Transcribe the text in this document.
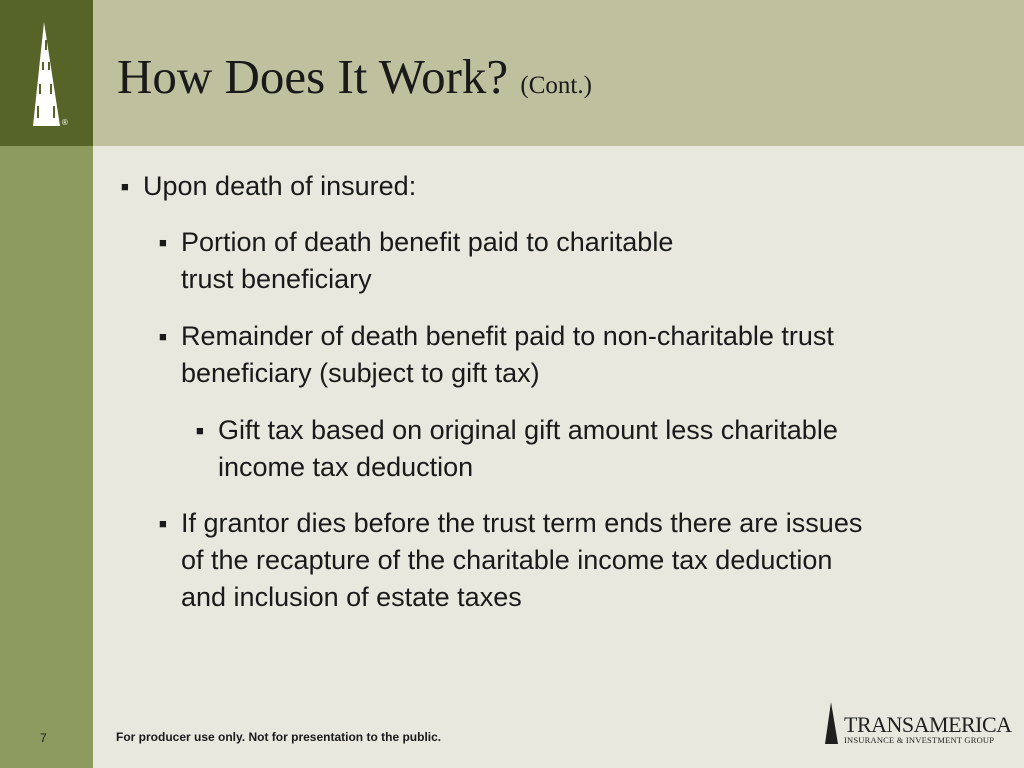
®
How Does It Work? (Cont.)
■ Upon death of insured:
■ Portion of death benefit paid to charitable
trust beneficiary
■ Remainder of death benefit paid to non-charitable trust
beneficiary (subject to gift tax)
■ Gift tax based on original gift amount less charitable
income tax deduction
■ If grantor dies before the trust term ends there are issues
of the recapture of the charitable income tax deduction
and inclusion of estate taxes
7	For producer use only. Not for presentation to the public.	TRANSAMERICA
INSURANCE & INVESTMENT GROUP
